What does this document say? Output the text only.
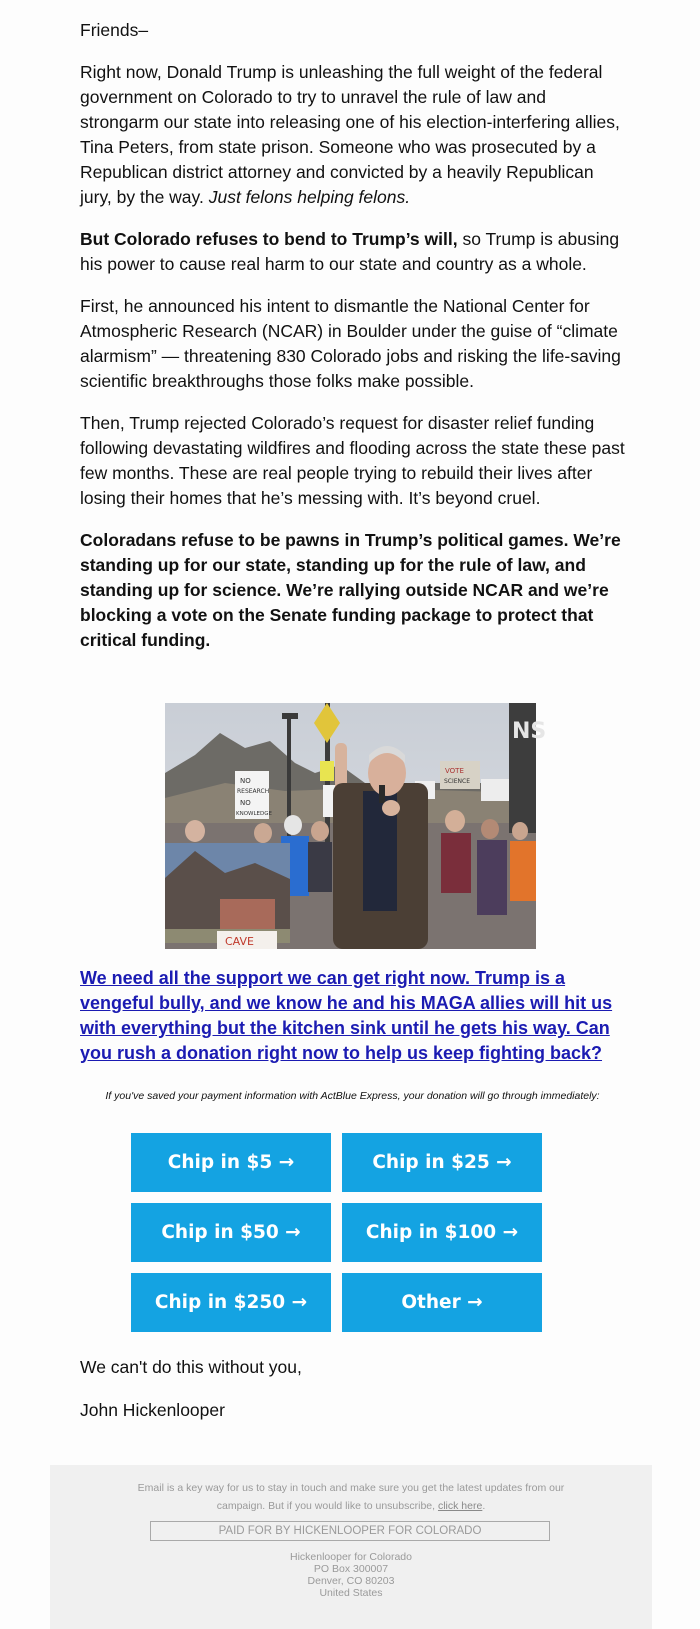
Friends–

Right now, Donald Trump is unleashing the full weight of the federal government on Colorado to try to unravel the rule of law and strongarm our state into releasing one of his election-interfering allies, Tina Peters, from state prison. Someone who was prosecuted by a Republican district attorney and convicted by a heavily Republican jury, by the way. Just felons helping felons.

But Colorado refuses to bend to Trump’s will, so Trump is abusing his power to cause real harm to our state and country as a whole.

First, he announced his intent to dismantle the National Center for Atmospheric Research (NCAR) in Boulder under the guise of “climate alarmism” — threatening 830 Colorado jobs and risking the life-saving scientific breakthroughs those folks make possible.

Then, Trump rejected Colorado’s request for disaster relief funding following devastating wildfires and flooding across the state these past few months. These are real people trying to rebuild their lives after losing their homes that he’s messing with. It’s beyond cruel.

Coloradans refuse to be pawns in Trump’s political games. We’re standing up for our state, standing up for the rule of law, and standing up for science. We’re rallying outside NCAR and we’re blocking a vote on the Senate funding package to protect that critical funding.

NO
RESEARCH
NO
KNOWLEDGE
VOTE
SCIENCE
NS
CAVE
We need all the support we can get right now. Trump is a vengeful bully, and we know he and his MAGA allies will hit us with everything but the kitchen sink until he gets his way. Can you rush a donation right now to help us keep fighting back?

If you've saved your payment information with ActBlue Express, your donation will go through immediately:

Chip in $5 →	Chip in $25 →
Chip in $50 →	Chip in $100 →
Chip in $250 →	Other →

We can't do this without you,

John Hickenlooper

Email is a key way for us to stay in touch and make sure you get the latest updates from our campaign. But if you would like to unsubscribe, click here.

PAID FOR BY HICKENLOOPER FOR COLORADO
Hickenlooper for Colorado
PO Box 300007
Denver, CO 80203
United States
